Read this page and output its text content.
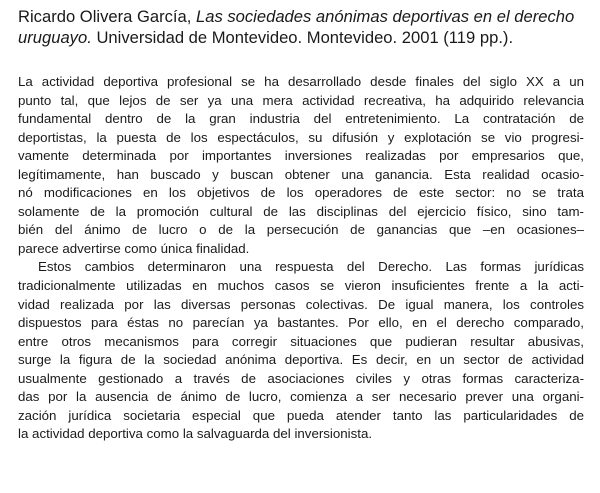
Ricardo Olivera García, Las sociedades anónimas deportivas en el derecho uruguayo. Universidad de Montevideo. Montevideo. 2001 (119 pp.).

La actividad deportiva profesional se ha desarrollado desde finales del siglo XX a un
punto tal, que lejos de ser ya una mera actividad recreativa, ha adquirido relevancia
fundamental dentro de la gran industria del entretenimiento. La contratación de
deportistas, la puesta de los espectáculos, su difusión y explotación se vio progresi-
vamente determinada por importantes inversiones realizadas por empresarios que,
legítimamente, han buscado y buscan obtener una ganancia. Esta realidad ocasio-
nó modificaciones en los objetivos de los operadores de este sector: no se trata
solamente de la promoción cultural de las disciplinas del ejercicio físico, sino tam-
bién del ánimo de lucro o de la persecución de ganancias que –en ocasiones–
parece advertirse como única finalidad.
Estos cambios determinaron una respuesta del Derecho. Las formas jurídicas
tradicionalmente utilizadas en muchos casos se vieron insuficientes frente a la acti-
vidad realizada por las diversas personas colectivas. De igual manera, los controles
dispuestos para éstas no parecían ya bastantes. Por ello, en el derecho comparado,
entre otros mecanismos para corregir situaciones que pudieran resultar abusivas,
surge la figura de la sociedad anónima deportiva. Es decir, en un sector de actividad
usualmente gestionado a través de asociaciones civiles y otras formas caracteriza-
das por la ausencia de ánimo de lucro, comienza a ser necesario prever una organi-
zación jurídica societaria especial que pueda atender tanto las particularidades de
la actividad deportiva como la salvaguarda del inversionista.
